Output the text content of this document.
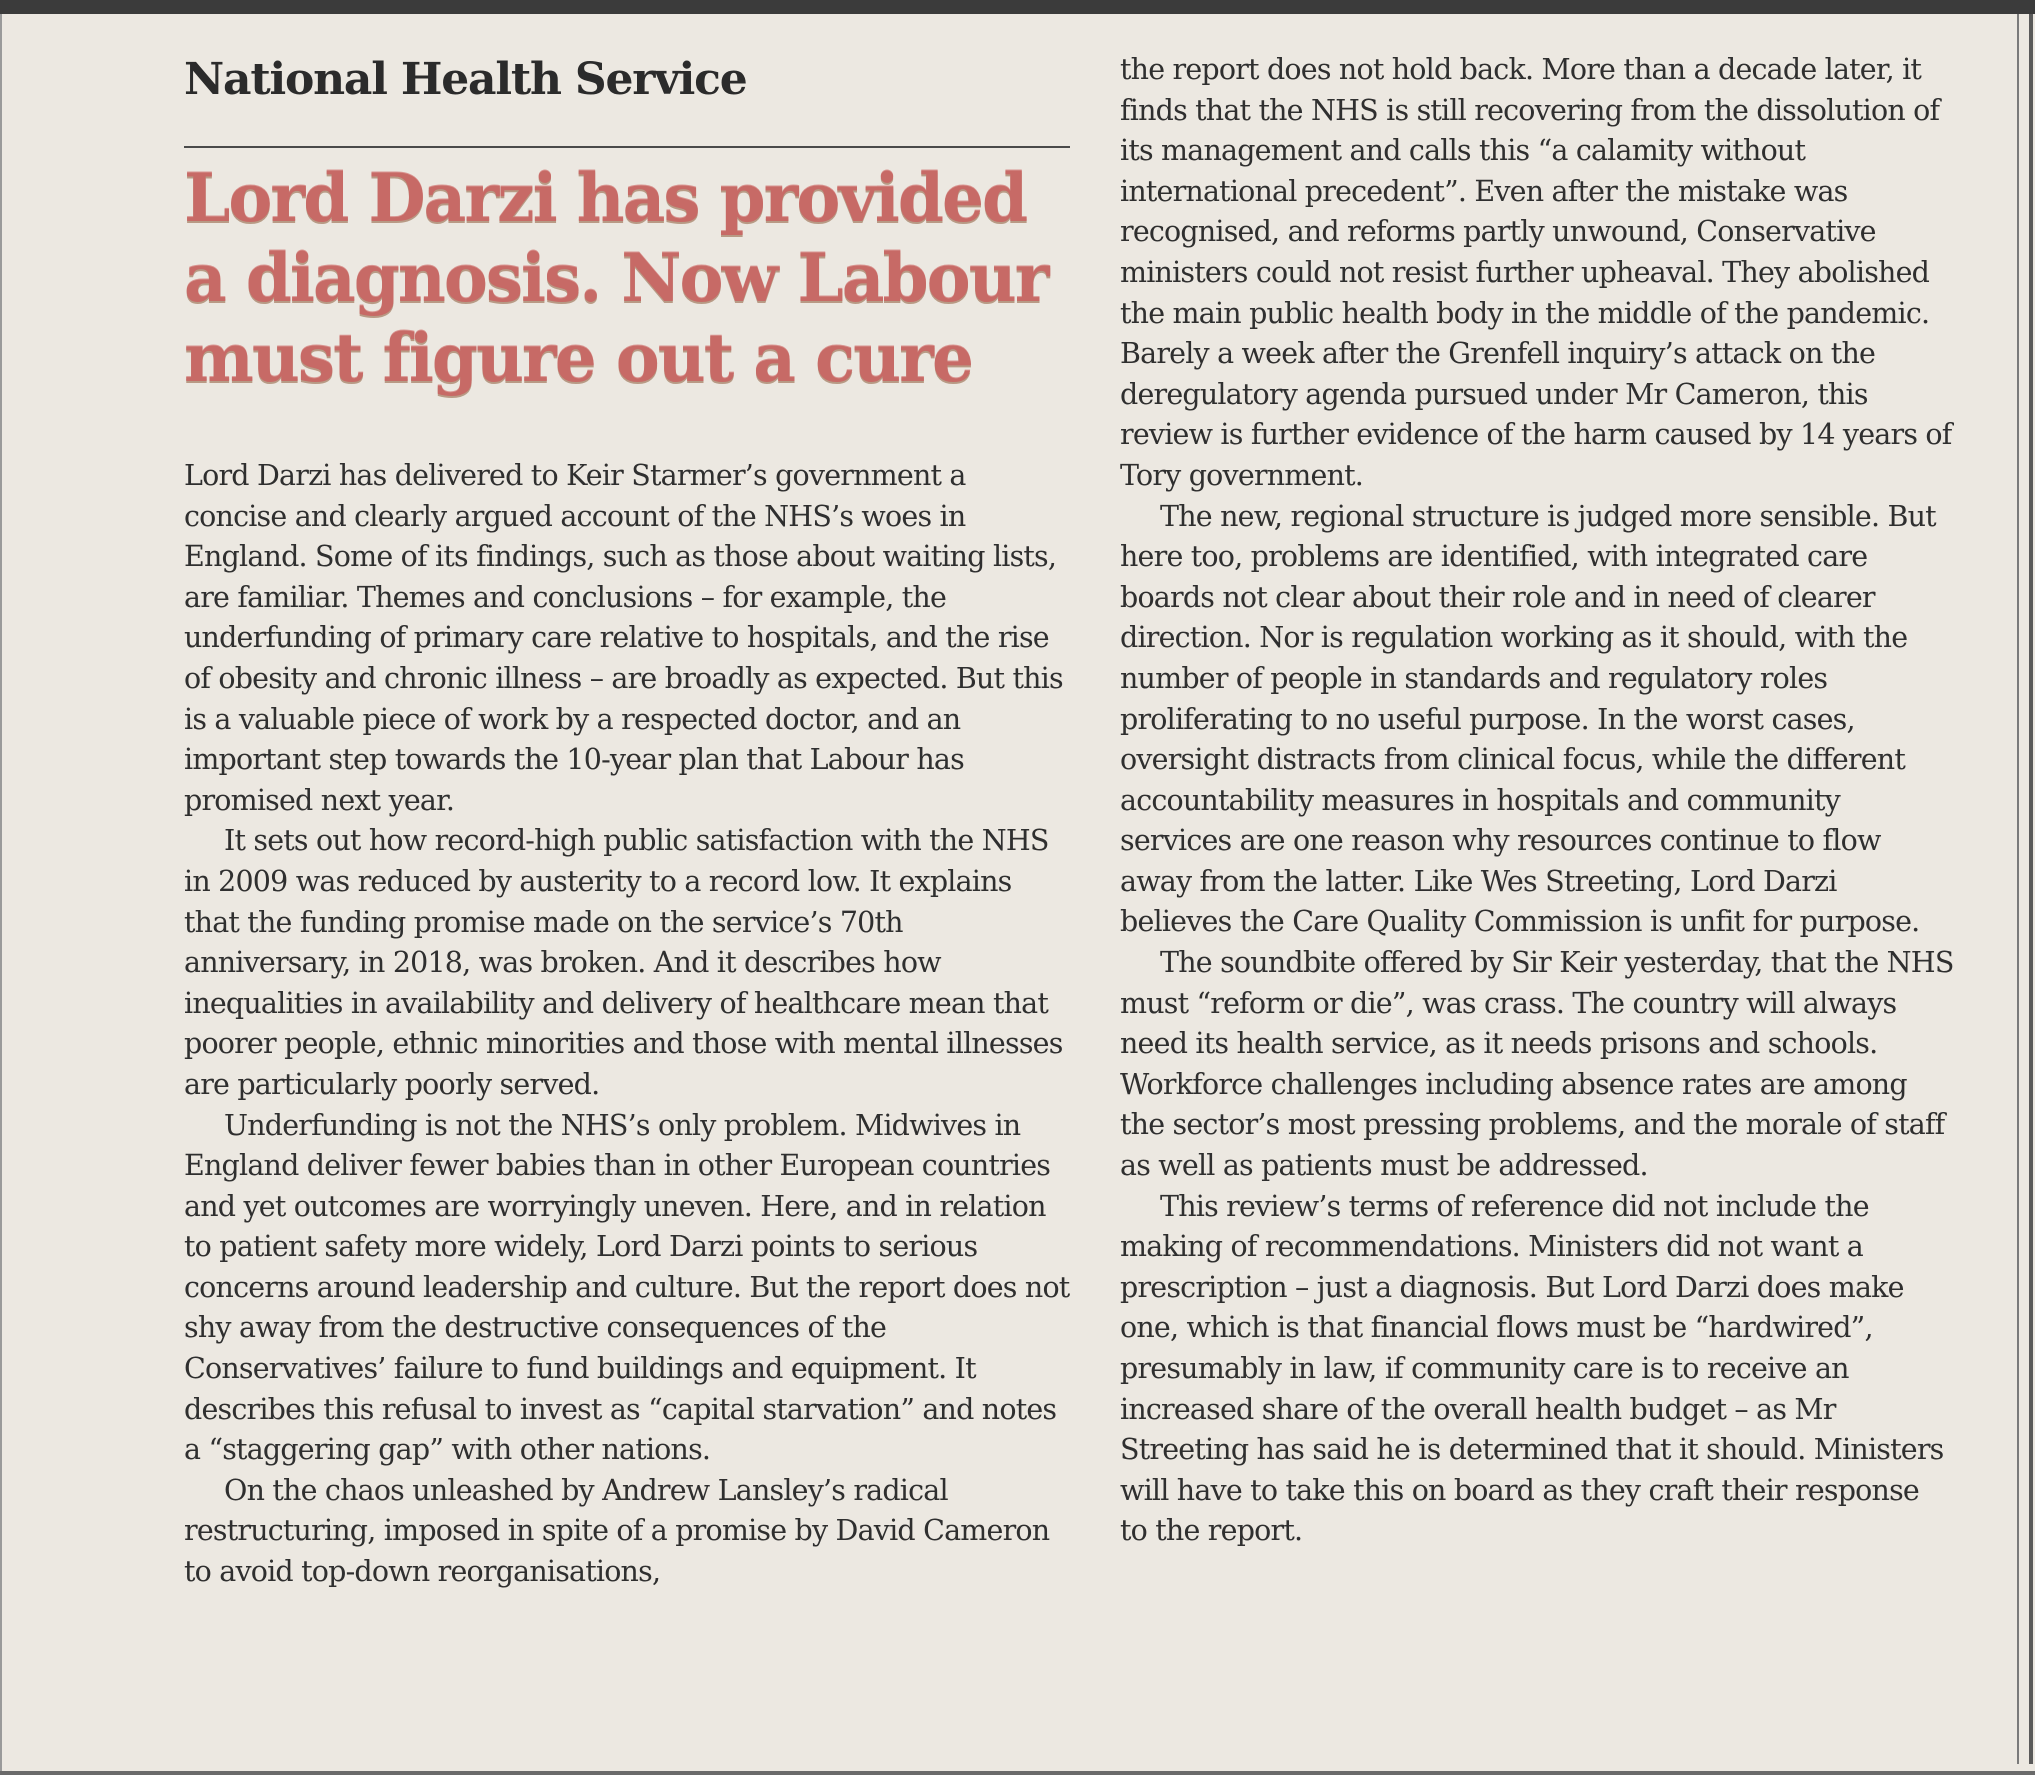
National Health Service
Lord Darzi has provided a diagnosis. Now Labour must figure out a cure

Lord Darzi has delivered to Keir Starmer’s government a concise and clearly argued account of the NHS’s woes in England. Some of its findings, such as those about waiting lists, are familiar. Themes and conclusions – for example, the underfunding of primary care relative to hospitals, and the rise of obesity and chronic illness – are broadly as expected. But this is a valuable piece of work by a respected doctor, and an important step towards the 10-year plan that Labour has promised next year.

It sets out how record-high public satisfaction with the NHS in 2009 was reduced by austerity to a record low. It explains that the funding promise made on the service’s 70th anniversary, in 2018, was broken. And it describes how inequalities in availability and delivery of healthcare mean that poorer people, ethnic minorities and those with mental illnesses are particularly poorly served.

Underfunding is not the NHS’s only problem. Midwives in England deliver fewer babies than in other European countries and yet outcomes are worryingly uneven. Here, and in relation to patient safety more widely, Lord Darzi points to serious concerns around leadership and culture. But the report does not shy away from the destructive consequences of the Conservatives’ failure to fund buildings and equipment. It describes this refusal to invest as “capital starvation” and notes a “staggering gap” with other nations.

On the chaos unleashed by Andrew Lansley’s radical restructuring, imposed in spite of a promise by David Cameron to avoid top-down reorganisations,

the report does not hold back. More than a decade later, it finds that the NHS is still recovering from the dissolution of its management and calls this “a calamity without international precedent”. Even after the mistake was recognised, and reforms partly unwound, Conservative ministers could not resist further upheaval. They abolished the main public health body in the middle of the pandemic. Barely a week after the Grenfell inquiry’s attack on the deregulatory agenda pursued under Mr Cameron, this review is further evidence of the harm caused by 14 years of Tory government.

The new, regional structure is judged more sensible. But here too, problems are identified, with integrated care boards not clear about their role and in need of clearer direction. Nor is regulation working as it should, with the number of people in standards and regulatory roles proliferating to no useful purpose. In the worst cases, oversight distracts from clinical focus, while the different accountability measures in hospitals and community services are one reason why resources continue to flow away from the latter. Like Wes Streeting, Lord Darzi believes the Care Quality Commission is unfit for purpose.

The soundbite offered by Sir Keir yesterday, that the NHS must “reform or die”, was crass. The country will always need its health service, as it needs prisons and schools. Workforce challenges including absence rates are among the sector’s most pressing problems, and the morale of staff as well as patients must be addressed.

This review’s terms of reference did not include the making of recommendations. Ministers did not want a prescription – just a diagnosis. But Lord Darzi does make one, which is that financial flows must be “hardwired”, presumably in law, if community care is to receive an increased share of the overall health budget – as Mr Streeting has said he is determined that it should. Ministers will have to take this on board as they craft their response to the report.
